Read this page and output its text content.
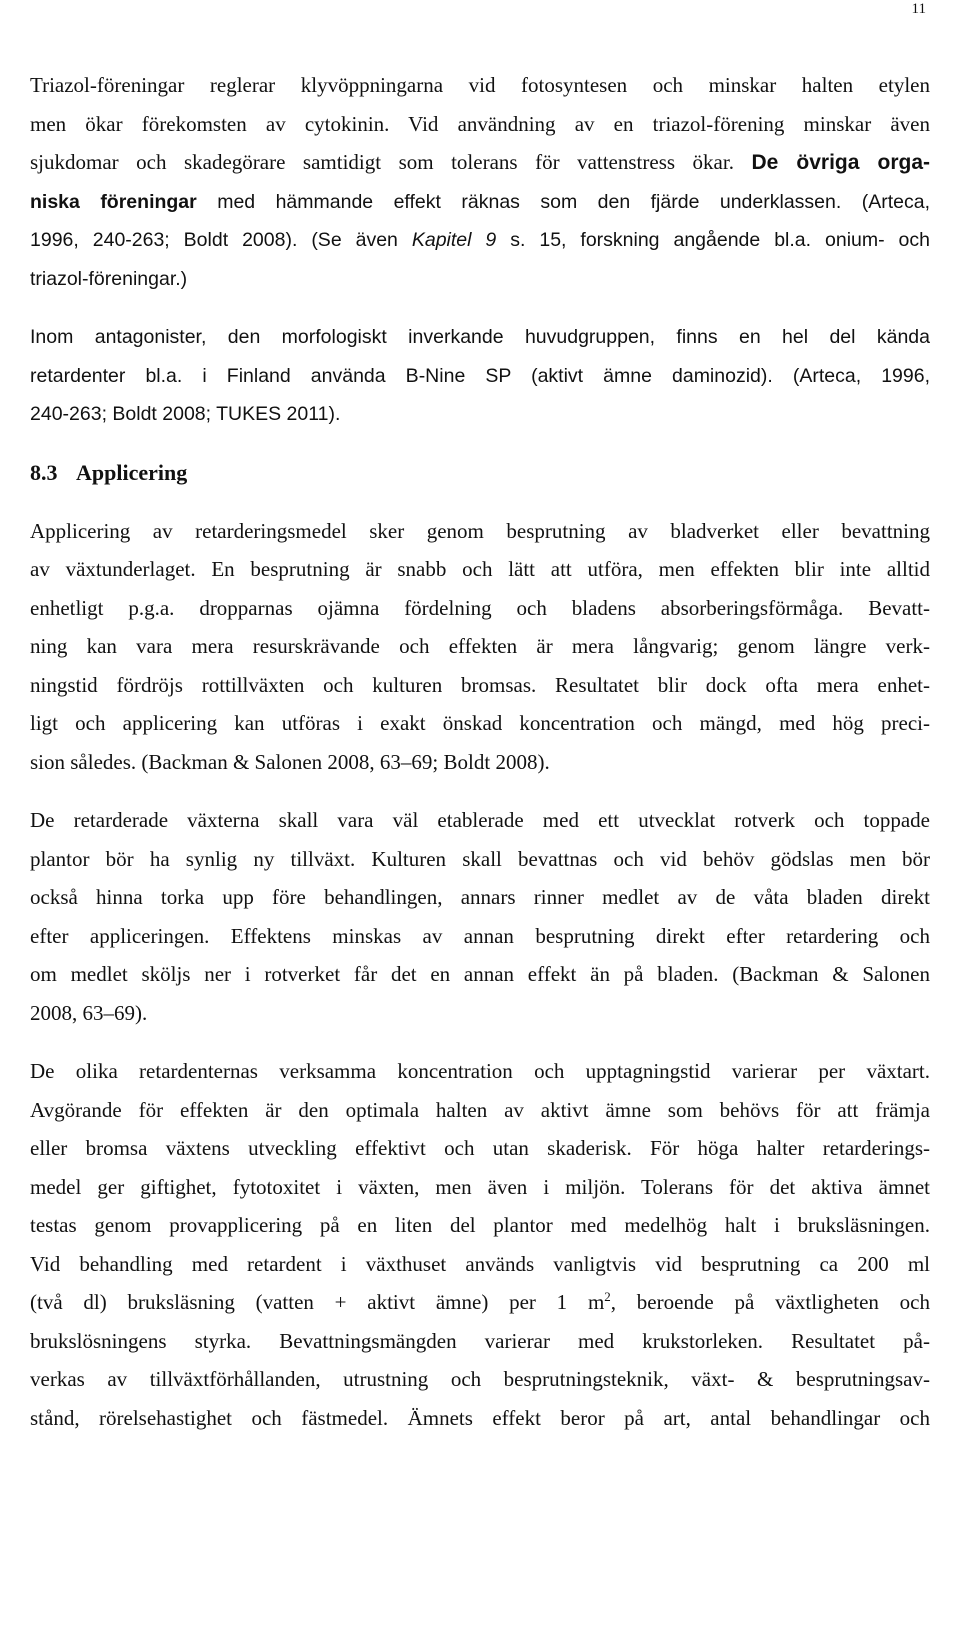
11

Triazol-föreningar reglerar klyvöppningarna vid fotosyntesen och minskar halten etylen
men ökar förekomsten av cytokinin. Vid användning av en triazol-förening minskar även
sjukdomar och skadegörare samtidigt som tolerans för vattenstress ökar. De övriga orga-
niska föreningar med hämmande effekt räknas som den fjärde underklassen. (Arteca,
1996, 240-263; Boldt 2008). (Se även Kapitel 9 s. 15, forskning angående bl.a. onium- och
triazol-föreningar.)

Inom antagonister, den morfologiskt inverkande huvudgruppen, finns en hel del kända
retardenter bl.a. i Finland använda B-Nine SP (aktivt ämne daminozid). (Arteca, 1996,
240-263; Boldt 2008; TUKES 2011).

8.3 Applicering

Applicering av retarderingsmedel sker genom besprutning av bladverket eller bevattning
av växtunderlaget. En besprutning är snabb och lätt att utföra, men effekten blir inte alltid
enhetligt p.g.a. dropparnas ojämna fördelning och bladens absorberingsförmåga. Bevatt-
ning kan vara mera resurskrävande och effekten är mera långvarig; genom längre verk-
ningstid fördröjs rottillväxten och kulturen bromsas. Resultatet blir dock ofta mera enhet-
ligt och applicering kan utföras i exakt önskad koncentration och mängd, med hög preci-
sion således. (Backman & Salonen 2008, 63–69; Boldt 2008).

De retarderade växterna skall vara väl etablerade med ett utvecklat rotverk och toppade
plantor bör ha synlig ny tillväxt. Kulturen skall bevattnas och vid behöv gödslas men bör
också hinna torka upp före behandlingen, annars rinner medlet av de våta bladen direkt
efter appliceringen. Effektens minskas av annan besprutning direkt efter retardering och
om medlet sköljs ner i rotverket får det en annan effekt än på bladen. (Backman & Salonen
2008, 63–69).

De olika retardenternas verksamma koncentration och upptagningstid varierar per växtart.
Avgörande för effekten är den optimala halten av aktivt ämne som behövs för att främja
eller bromsa växtens utveckling effektivt och utan skaderisk. För höga halter retarderings-
medel ger giftighet, fytotoxitet i växten, men även i miljön. Tolerans för det aktiva ämnet
testas genom provapplicering på en liten del plantor med medelhög halt i bruksläsningen.
Vid behandling med retardent i växthuset används vanligtvis vid besprutning ca 200 ml
(två dl) bruksläsning (vatten + aktivt ämne) per 1 $m^2$, beroende på växtligheten och
brukslösningens styrka. Bevattningsmängden varierar med krukstorleken. Resultatet på-
verkas av tillväxtförhållanden, utrustning och besprutningsteknik, växt- & besprutningsav-
stånd, rörelsehastighet och fästmedel. Ämnets effekt beror på art, antal behandlingar och
